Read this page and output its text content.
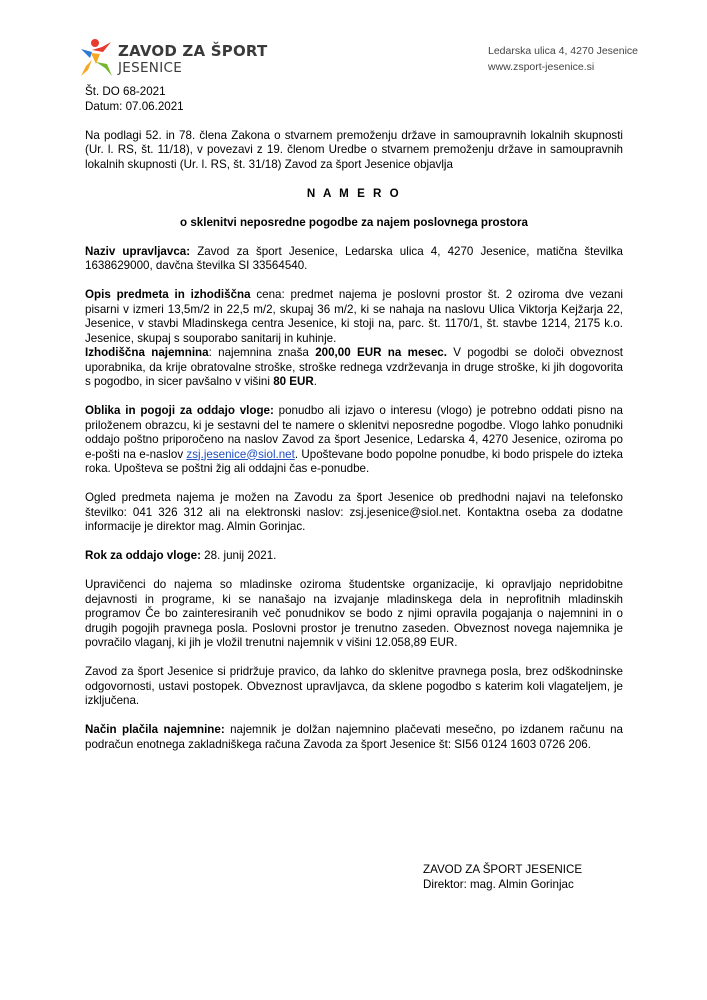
ZAVOD ZA ŠPORT
JESENICE
Ledarska ulica 4, 4270 Jesenice
www.zsport-jesenice.si

Št. DO 68-2021

Datum: 07.06.2021

Na podlagi 52. in 78. člena Zakona o stvarnem premoženju države in samoupravnih lokalnih skupnosti (Ur. l. RS, št. 11/18), v povezavi z 19. členom Uredbe o stvarnem premoženju države in samoupravnih lokalnih skupnosti (Ur. l. RS, št. 31/18) Zavod za šport Jesenice objavlja

N A M E R O

o sklenitvi neposredne pogodbe za najem poslovnega prostora

Naziv upravljavca: Zavod za šport Jesenice, Ledarska ulica 4, 4270 Jesenice, matična številka 1638629000, davčna številka SI 33564540.

Opis predmeta in izhodiščna cena: predmet najema je poslovni prostor št. 2 oziroma dve vezani pisarni v izmeri 13,5m/2 in 22,5 m/2, skupaj 36 m/2, ki se nahaja na naslovu Ulica Viktorja Kejžarja 22, Jesenice, v stavbi Mladinskega centra Jesenice, ki stoji na, parc. št. 1170/1, št. stavbe 1214, 2175 k.o. Jesenice, skupaj s souporabo sanitarij in kuhinje.

Izhodiščna najemnina: najemnina znaša 200,00 EUR na mesec. V pogodbi se določi obveznost uporabnika, da krije obratovalne stroške, stroške rednega vzdrževanja in druge stroške, ki jih dogovorita s pogodbo, in sicer pavšalno v višini 80 EUR.

Oblika in pogoji za oddajo vloge: ponudbo ali izjavo o interesu (vlogo) je potrebno oddati pisno na priloženem obrazcu, ki je sestavni del te namere o sklenitvi neposredne pogodbe. Vlogo lahko ponudniki oddajo poštno priporočeno na naslov Zavod za šport Jesenice, Ledarska 4, 4270 Jesenice, oziroma po e-pošti na e-naslov zsj.jesenice@siol.net. Upoštevane bodo popolne ponudbe, ki bodo prispele do izteka roka. Upošteva se poštni žig ali oddajni čas e-ponudbe.

Ogled predmeta najema je možen na Zavodu za šport Jesenice ob predhodni najavi na telefonsko številko: 041 326 312 ali na elektronski naslov: zsj.jesenice@siol.net. Kontaktna oseba za dodatne informacije je direktor mag. Almin Gorinjac.

Rok za oddajo vloge: 28. junij 2021.

Upravičenci do najema so mladinske oziroma študentske organizacije, ki opravljajo nepridobitne dejavnosti in programe, ki se nanašajo na izvajanje mladinskega dela in neprofitnih mladinskih programov Če bo zainteresiranih več ponudnikov se bodo z njimi opravila pogajanja o najemnini in o drugih pogojih pravnega posla. Poslovni prostor je trenutno zaseden. Obveznost novega najemnika je povračilo vlaganj, ki jih je vložil trenutni najemnik v višini 12.058,89 EUR.

Zavod za šport Jesenice si pridržuje pravico, da lahko do sklenitve pravnega posla, brez odškodninske odgovornosti, ustavi postopek. Obveznost upravljavca, da sklene pogodbo s katerim koli vlagateljem, je izključena.

Način plačila najemnine: najemnik je dolžan najemnino plačevati mesečno, po izdanem računu na podračun enotnega zakladniškega računa Zavoda za šport Jesenice št: SI56 0124 1603 0726 206.

ZAVOD ZA ŠPORT JESENICE
Direktor: mag. Almin Gorinjac
